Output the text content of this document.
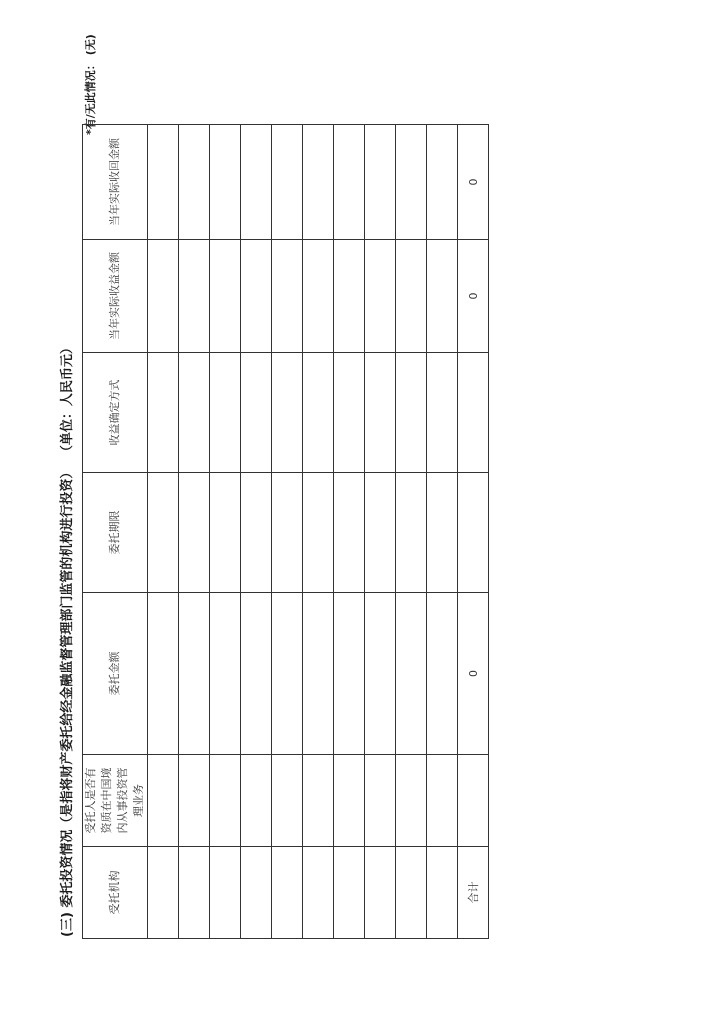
(三) 委托投资情况（是指将财产委托给经金融监督管理部门监管的机构进行投资）（单位：人民币元）
*有/无此情况：(无)
受托机构	受托人是否有资质在中国境内从事投资管理业务	委托金额	委托期限	收益确定方式	当年实际收益金额	当年实际收回金额

合计		0			0	0
